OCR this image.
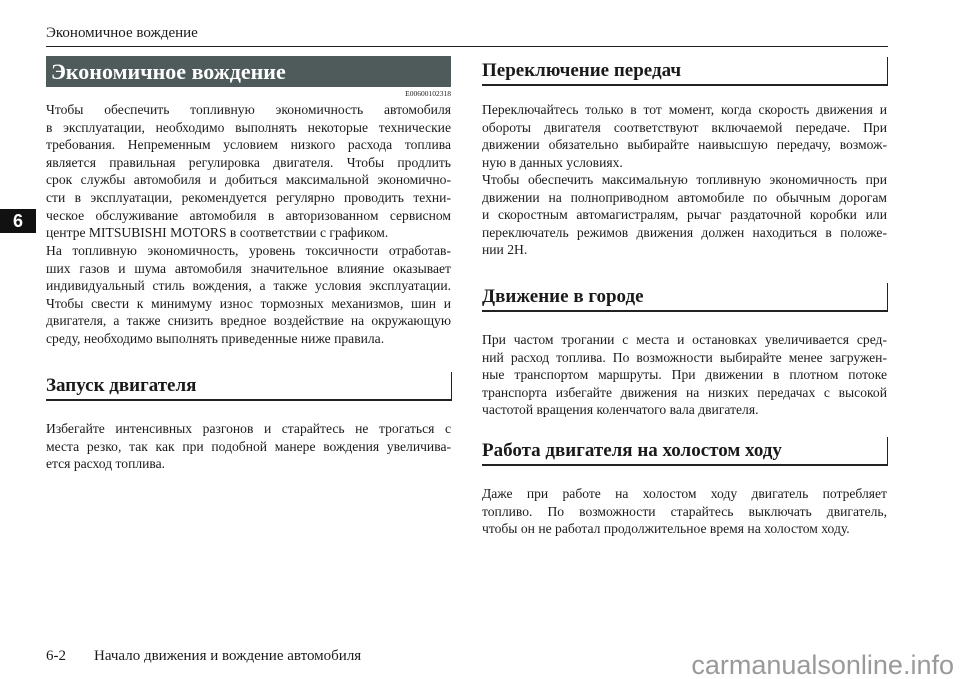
Экономичное вождение
6
Экономичное вождение
E00600102318
Чтобы обеспечить топливную экономичность автомобиля
в эксплуатации, необходимо выполнять некоторые технические
требования. Непременным условием низкого расхода топлива
является правильная регулировка двигателя. Чтобы продлить
срок службы автомобиля и добиться максимальной экономично-
сти в эксплуатации, рекомендуется регулярно проводить техни-
ческое обслуживание автомобиля в авторизованном сервисном
центре MITSUBISHI MOTORS в соответствии с графиком.
На топливную экономичность, уровень токсичности отработав-
ших газов и шума автомобиля значительное влияние оказывает
индивидуальный стиль вождения, а также условия эксплуатации.
Чтобы свести к минимуму износ тормозных механизмов, шин и
двигателя, а также снизить вредное воздействие на окружающую
среду, необходимо выполнять приведенные ниже правила.
Запуск двигателя
Избегайте интенсивных разгонов и старайтесь не трогаться с
места резко, так как при подобной манере вождения увеличива-
ется расход топлива.
Переключение передач
Переключайтесь только в тот момент, когда скорость движения и
обороты двигателя соответствуют включаемой передаче. При
движении обязательно выбирайте наивысшую передачу, возмож-
ную в данных условиях.
Чтобы обеспечить максимальную топливную экономичность при
движении на полноприводном автомобиле по обычным дорогам
и скоростным автомагистралям, рычаг раздаточной коробки или
переключатель режимов движения должен находиться в положе-
нии 2H.
Движение в городе
При частом трогании с места и остановках увеличивается сред-
ний расход топлива. По возможности выбирайте менее загружен-
ные транспортом маршруты. При движении в плотном потоке
транспорта избегайте движения на низких передачах с высокой
частотой вращения коленчатого вала двигателя.
Работа двигателя на холостом ходу
Даже при работе на холостом ходу двигатель потребляет
топливо. По возможности старайтесь выключать двигатель,
чтобы он не работал продолжительное время на холостом ходу.
6-2 Начало движения и вождение автомобиля	carmanualsonline.info
